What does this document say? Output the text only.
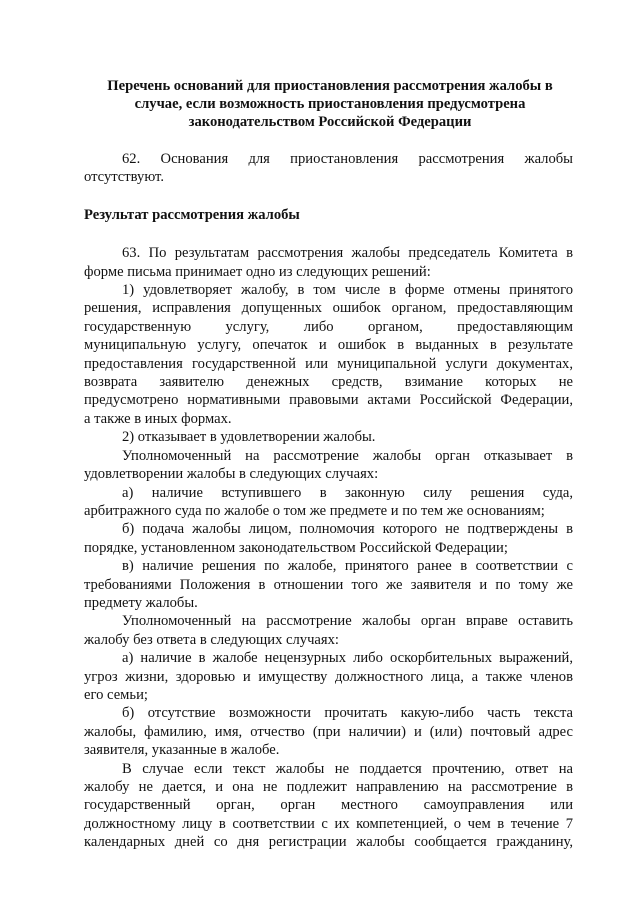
Перечень оснований для приостановления рассмотрения жалобы в
случае, если возможность приостановления предусмотрена
законодательством Российской Федерации
62. Основания для приостановления рассмотрения жалобы
отсутствуют.
Результат рассмотрения жалобы
63. По результатам рассмотрения жалобы председатель Комитета в
форме письма принимает одно из следующих решений:
1) удовлетворяет жалобу, в том числе в форме отмены принятого
решения, исправления допущенных ошибок органом, предоставляющим
государственную услугу, либо органом, предоставляющим
муниципальную услугу, опечаток и ошибок в выданных в результате
предоставления государственной или муниципальной услуги документах,
возврата заявителю денежных средств, взимание которых не
предусмотрено нормативными правовыми актами Российской Федерации,
а также в иных формах.
2) отказывает в удовлетворении жалобы.
Уполномоченный на рассмотрение жалобы орган отказывает в
удовлетворении жалобы в следующих случаях:
а) наличие вступившего в законную силу решения суда,
арбитражного суда по жалобе о том же предмете и по тем же основаниям;
б) подача жалобы лицом, полномочия которого не подтверждены в
порядке, установленном законодательством Российской Федерации;
в) наличие решения по жалобе, принятого ранее в соответствии с
требованиями Положения в отношении того же заявителя и по тому же
предмету жалобы.
Уполномоченный на рассмотрение жалобы орган вправе оставить
жалобу без ответа в следующих случаях:
а) наличие в жалобе нецензурных либо оскорбительных выражений,
угроз жизни, здоровью и имуществу должностного лица, а также членов
его семьи;
б) отсутствие возможности прочитать какую-либо часть текста
жалобы, фамилию, имя, отчество (при наличии) и (или) почтовый адрес
заявителя, указанные в жалобе.
В случае если текст жалобы не поддается прочтению, ответ на
жалобу не дается, и она не подлежит направлению на рассмотрение в
государственный орган, орган местного самоуправления или
должностному лицу в соответствии с их компетенцией, о чем в течение 7
календарных дней со дня регистрации жалобы сообщается гражданину,
